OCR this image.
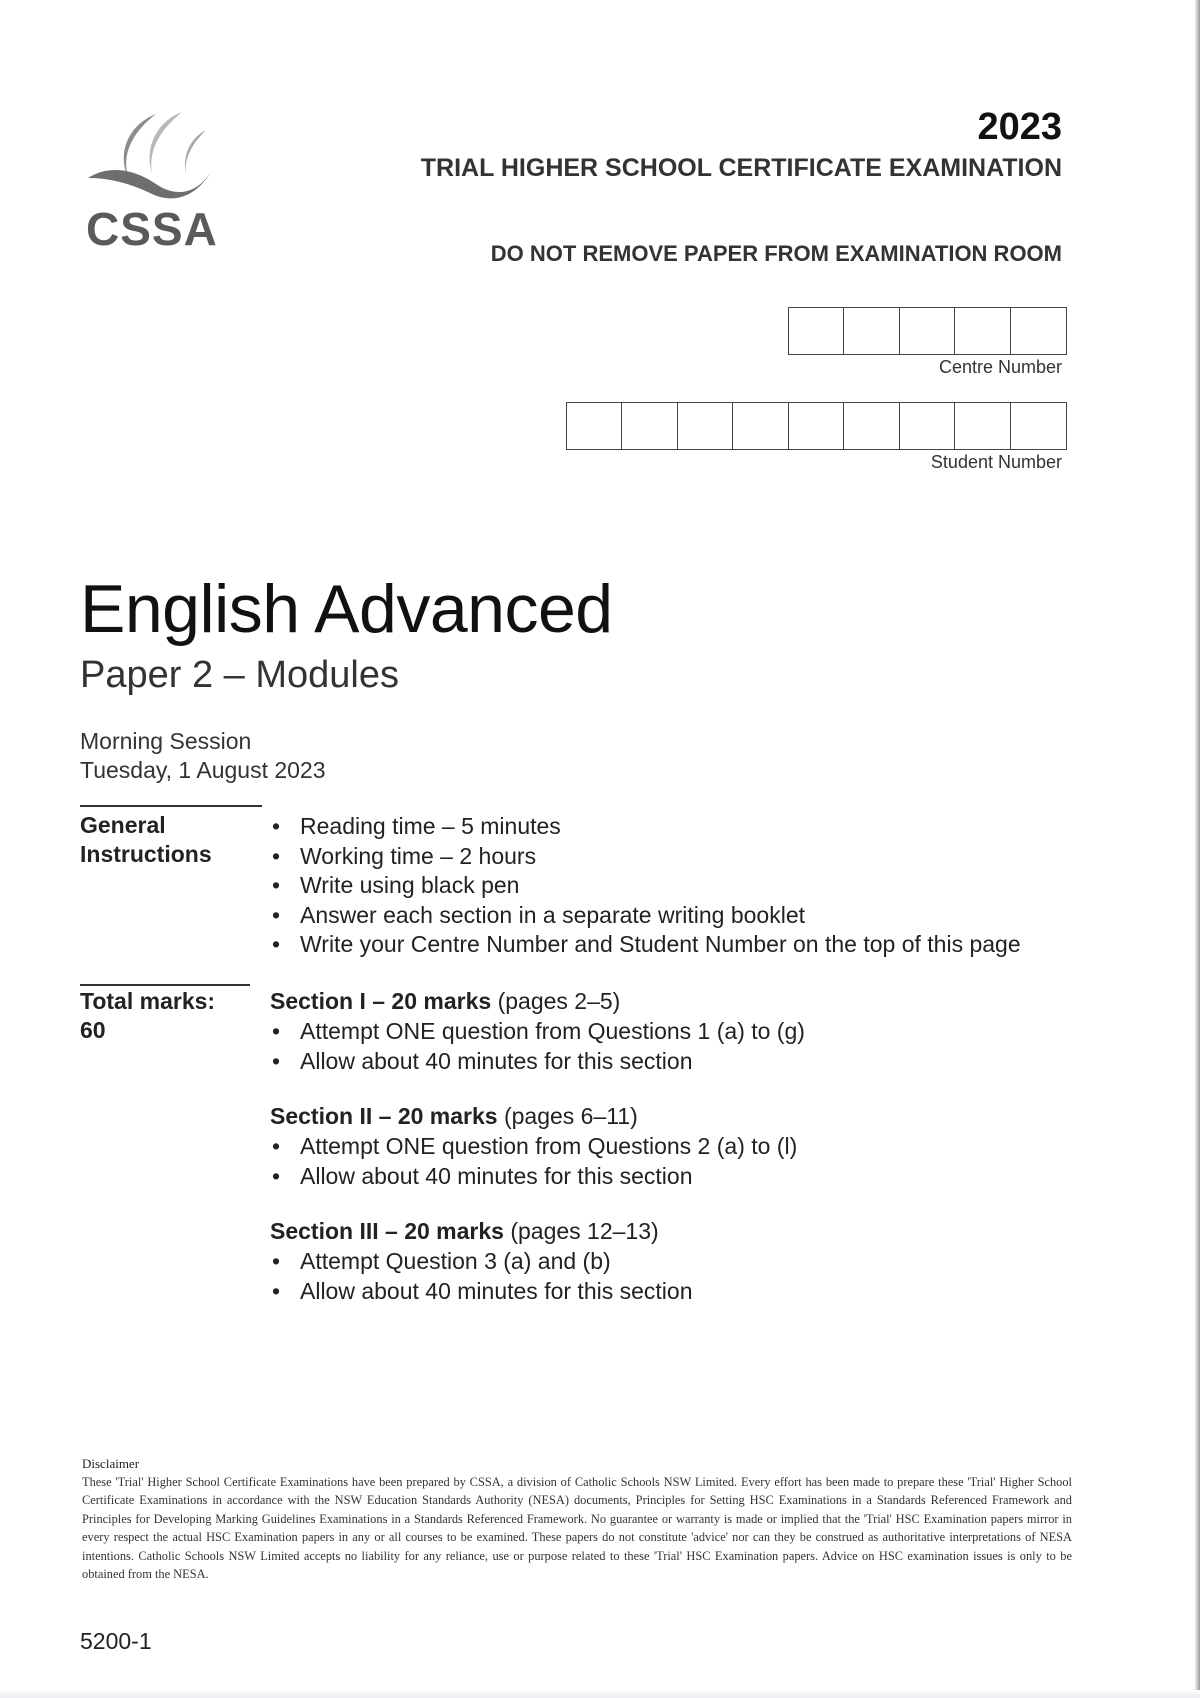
CSSA
2023
TRIAL HIGHER SCHOOL CERTIFICATE EXAMINATION
DO NOT REMOVE PAPER FROM EXAMINATION ROOM
Centre Number
Student Number
English Advanced
Paper 2 – Modules
Morning Session
Tuesday, 1 August 2023
General
Instructions
• Reading time – 5 minutes
• Working time – 2 hours
• Write using black pen
• Answer each section in a separate writing booklet
• Write your Centre Number and Student Number on the top of this page
Total marks:
60
Section I – 20 marks (pages 2–5)
• Attempt ONE question from Questions 1 (a) to (g)
• Allow about 40 minutes for this section
Section II – 20 marks (pages 6–11)
• Attempt ONE question from Questions 2 (a) to (l)
• Allow about 40 minutes for this section
Section III – 20 marks (pages 12–13)
• Attempt Question 3 (a) and (b)
• Allow about 40 minutes for this section
Disclaimer
These 'Trial' Higher School Certificate Examinations have been prepared by CSSA, a division of Catholic Schools NSW Limited. Every effort has been made to prepare these 'Trial' Higher School Certificate Examinations in accordance with the NSW Education Standards Authority (NESA) documents, Principles for Setting HSC Examinations in a Standards Referenced Framework and Principles for Developing Marking Guidelines Examinations in a Standards Referenced Framework. No guarantee or warranty is made or implied that the 'Trial' HSC Examination papers mirror in every respect the actual HSC Examination papers in any or all courses to be examined. These papers do not constitute 'advice' nor can they be construed as authoritative interpretations of NESA intentions. Catholic Schools NSW Limited accepts no liability for any reliance, use or purpose related to these 'Trial' HSC Examination papers. Advice on HSC examination issues is only to be obtained from the NESA.
5200-1
